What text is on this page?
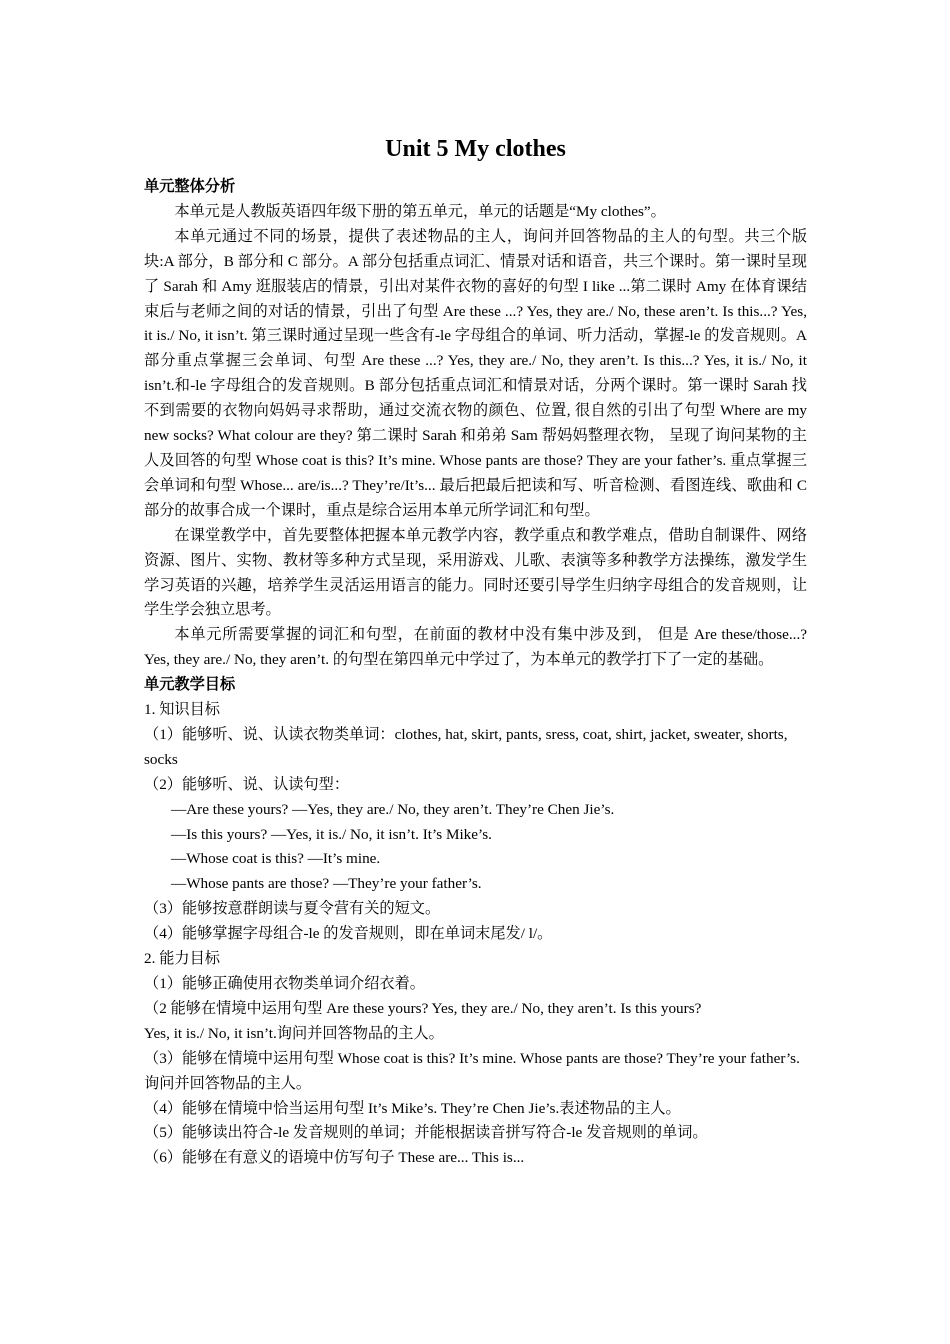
Unit 5 My clothes
单元整体分析
本单元是人教版英语四年级下册的第五单元，单元的话题是“My clothes”。
本单元通过不同的场景，提供了表述物品的主人，询问并回答物品的主人的句型。共三个版块:A 部分，B 部分和 C 部分。A 部分包括重点词汇、情景对话和语音，共三个课时。第一课时呈现了 Sarah 和 Amy 逛服装店的情景，引出对某件衣物的喜好的句型 I like ...第二课时 Amy 在体育课结束后与老师之间的对话的情景，引出了句型 Are these ...? Yes, they are./ No, these aren’t. Is this...? Yes, it is./ No, it isn’t. 第三课时通过呈现一些含有-le 字母组合的单词、听力活动，掌握-le 的发音规则。A 部分重点掌握三会单词、句型 Are these ...? Yes, they are./ No, they aren’t. Is this...? Yes, it is./ No, it isn’t.和-le 字母组合的发音规则。B 部分包括重点词汇和情景对话，分两个课时。第一课时 Sarah 找不到需要的衣物向妈妈寻求帮助，通过交流衣物的颜色、位置, 很自然的引出了句型 Where are my new socks? What colour are they? 第二课时 Sarah 和弟弟 Sam 帮妈妈整理衣物， 呈现了询问某物的主人及回答的句型 Whose coat is this? It’s mine. Whose pants are those? They are your father’s. 重点掌握三会单词和句型 Whose... are/is...? They’re/It’s... 最后把最后把读和写、听音检测、看图连线、歌曲和 C 部分的故事合成一个课时，重点是综合运用本单元所学词汇和句型。
在课堂教学中，首先要整体把握本单元教学内容，教学重点和教学难点，借助自制课件、网络资源、图片、实物、教材等多种方式呈现，采用游戏、儿歌、表演等多种教学方法操练，激发学生学习英语的兴趣，培养学生灵活运用语言的能力。同时还要引导学生归纳字母组合的发音规则，让学生学会独立思考。
本单元所需要掌握的词汇和句型，在前面的教材中没有集中涉及到， 但是 Are these/those...? Yes, they are./ No, they aren’t. 的句型在第四单元中学过了，为本单元的教学打下了一定的基础。
单元教学目标
1. 知识目标
（1）能够听、说、认读衣物类单词：clothes, hat, skirt, pants, sress, coat, shirt, jacket, sweater, shorts, socks
（2）能够听、说、认读句型：
—Are these yours? —Yes, they are./ No, they aren’t. They’re Chen Jie’s.
—Is this yours? —Yes, it is./ No, it isn’t. It’s Mike’s.
—Whose coat is this? —It’s mine.
—Whose pants are those? —They’re your father’s.
（3）能够按意群朗读与夏令营有关的短文。
（4）能够掌握字母组合-le 的发音规则，即在单词末尾发/ l/。
2. 能力目标
（1）能够正确使用衣物类单词介绍衣着。
（2 能够在情境中运用句型 Are these yours? Yes, they are./ No, they aren’t. Is this yours?
Yes, it is./ No, it isn’t.询问并回答物品的主人。
（3）能够在情境中运用句型 Whose coat is this? It’s mine. Whose pants are those? They’re your father’s. 询问并回答物品的主人。
（4）能够在情境中恰当运用句型 It’s Mike’s. They’re Chen Jie’s.表述物品的主人。
（5）能够读出符合-le 发音规则的单词；并能根据读音拼写符合-le 发音规则的单词。
（6）能够在有意义的语境中仿写句子 These are... This is...
